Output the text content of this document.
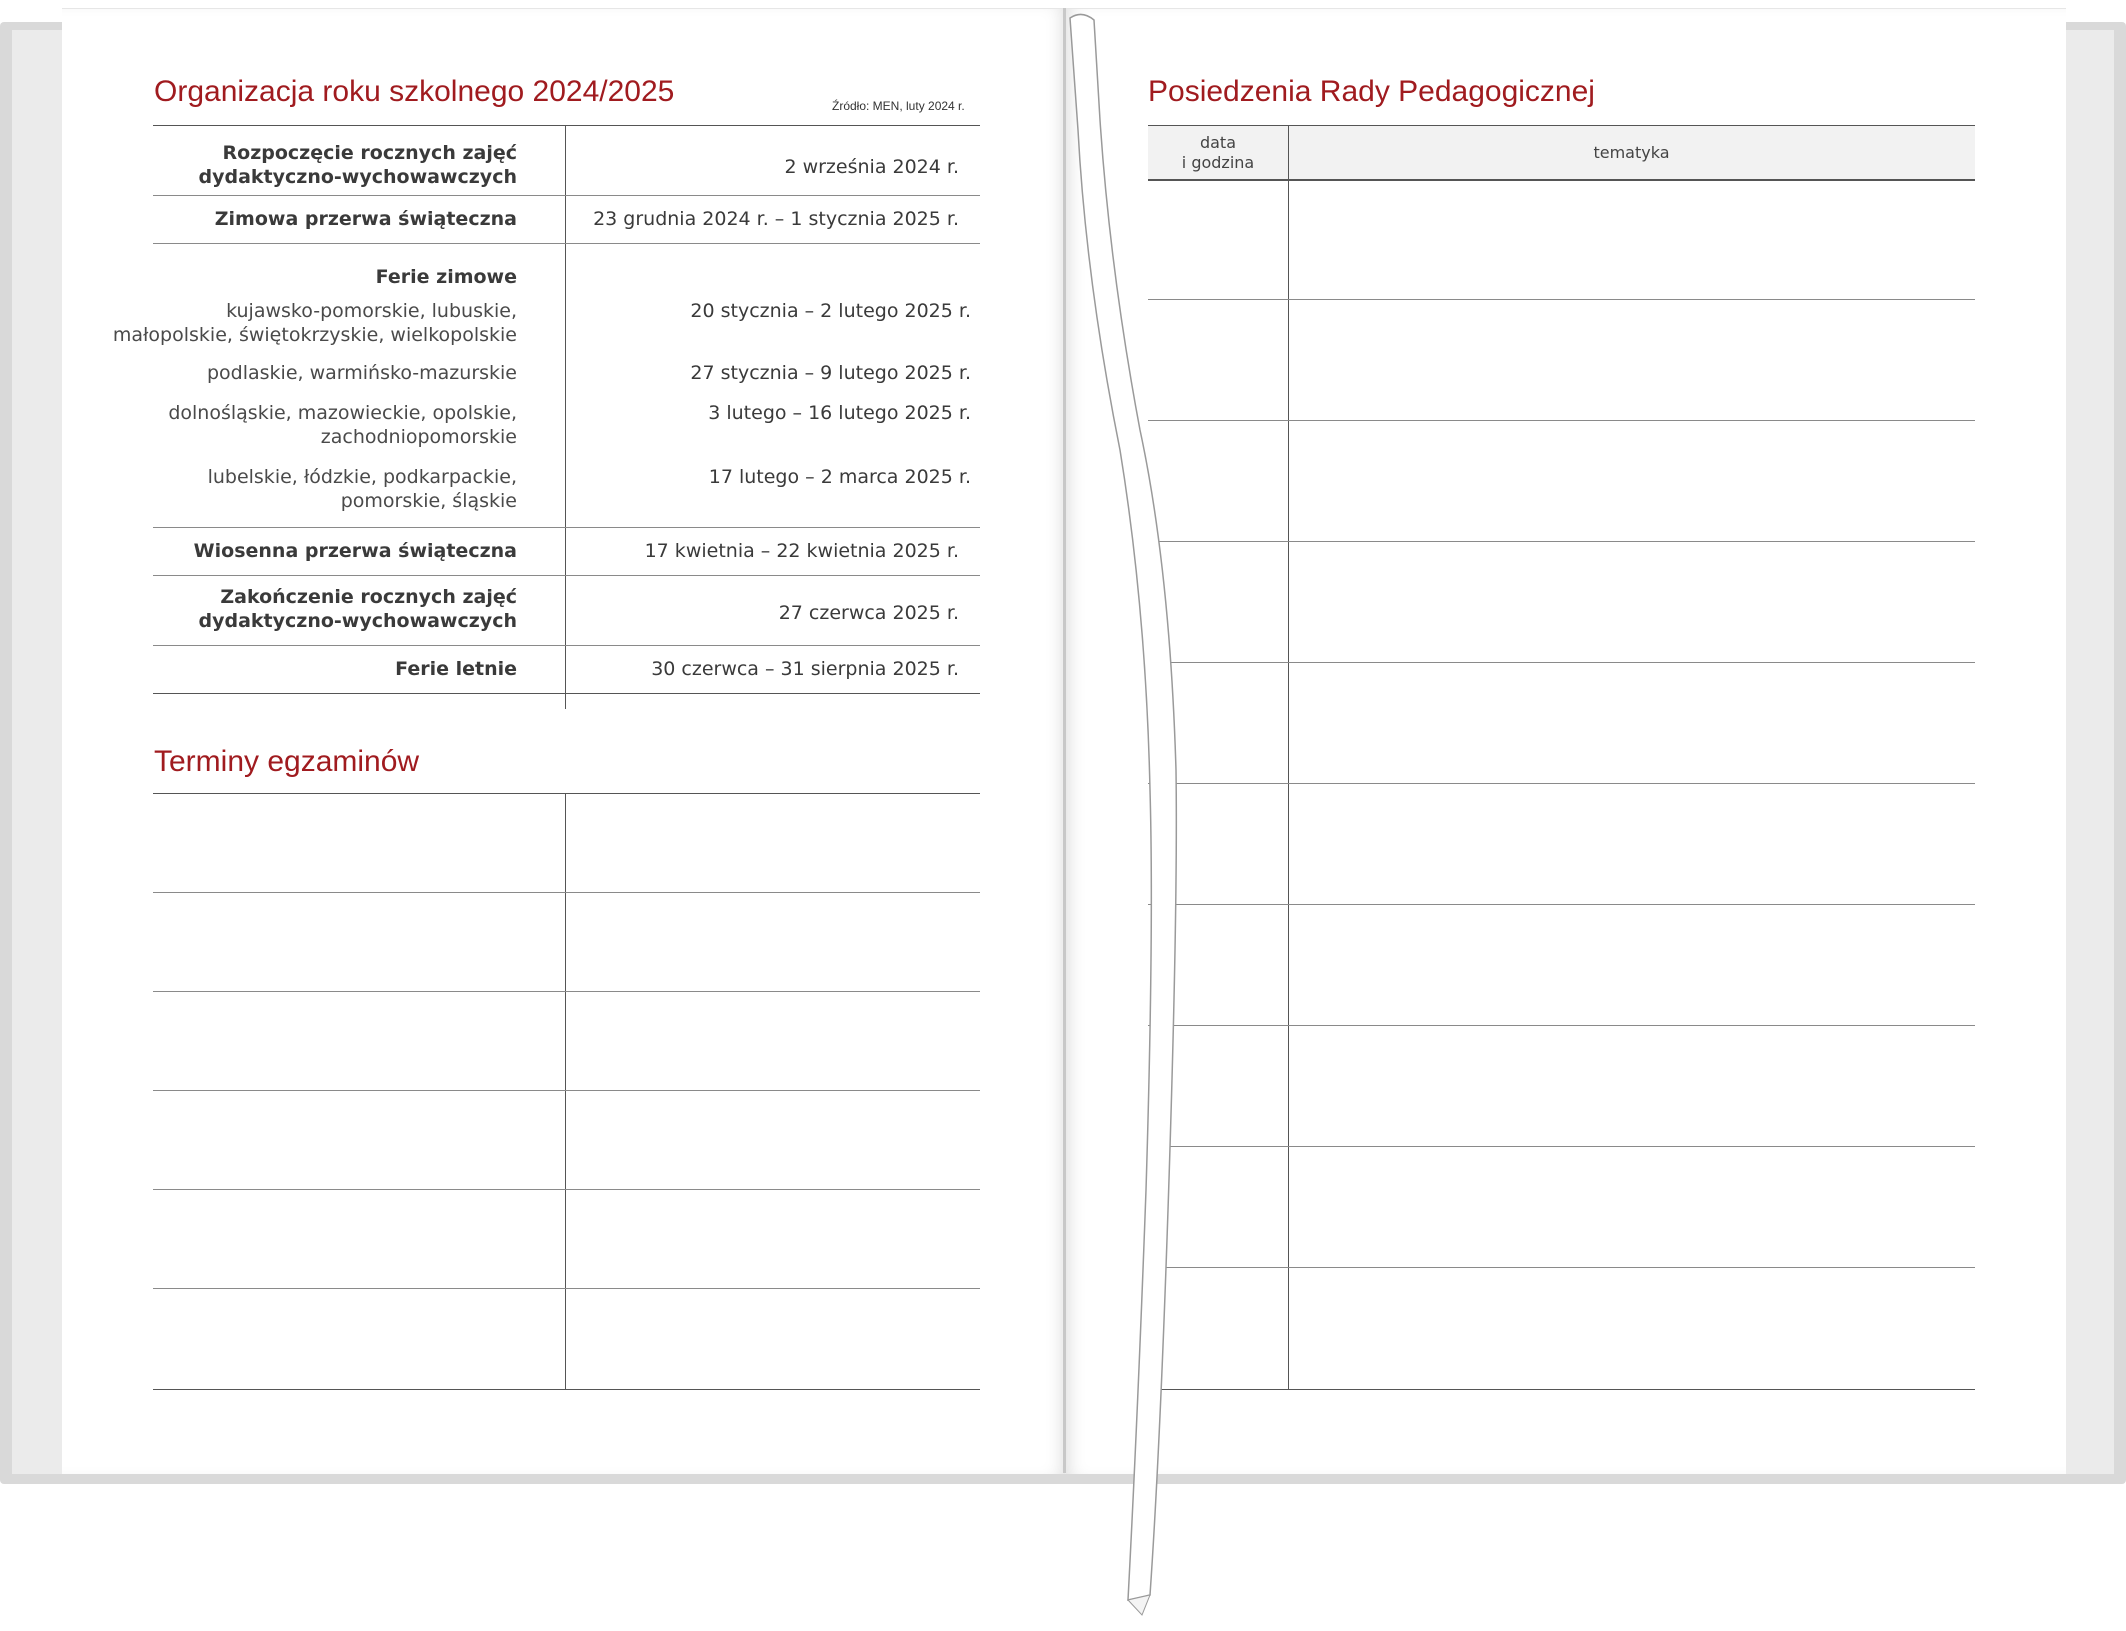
Organizacja roku szkolnego 2024/2025	Źródło: MEN, luty 2024 r.
Rozpoczęcie rocznych zajęć
dydaktyczno-wychowawczych	2 września 2024 r.
Zimowa przerwa świąteczna	23 grudnia 2024 r. – 1 stycznia 2025 r.
Ferie zimowe
kujawsko-pomorskie, lubuskie,
małopolskie, świętokrzyskie, wielkopolskie
20 stycznia – 2 lutego 2025 r.
podlaskie, warmińsko-mazurskie	27 stycznia – 9 lutego 2025 r.
dolnośląskie, mazowieckie, opolskie,
zachodniopomorskie
3 lutego – 16 lutego 2025 r.
lubelskie, łódzkie, podkarpackie,
pomorskie, śląskie
17 lutego – 2 marca 2025 r.
Wiosenna przerwa świąteczna	17 kwietnia – 22 kwietnia 2025 r.
Zakończenie rocznych zajęć
dydaktyczno-wychowawczych	27 czerwca 2025 r.
Ferie letnie	30 czerwca – 31 sierpnia 2025 r.
Terminy egzaminów
Posiedzenia Rady Pedagogicznej
data
i godzina
tematyka
